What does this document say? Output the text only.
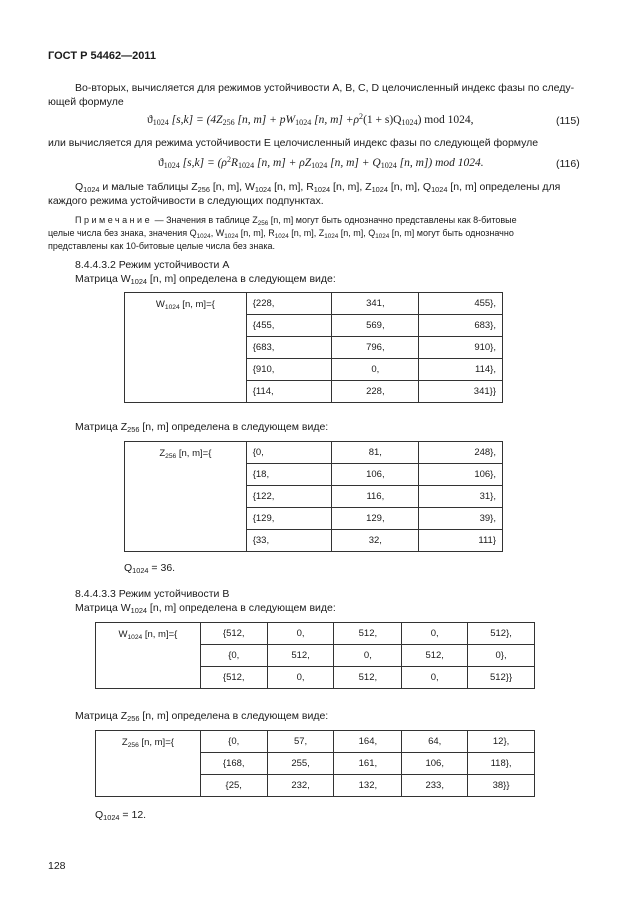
ГОСТ Р 54462—2011
Во-вторых, вычисляется для режимов устойчивости A, B, C, D целочисленный индекс фазы по следу-
ющей формуле
$ϑ_{1024}$ $[s,k] = (4Z_{256}$ [n, $m] + pW_{1024}$ [n, $m] +\rho^2(1 + s)Q_{1024}$) mod 1024,	(115)
или вычисляется для режима устойчивости E целочисленный индекс фазы по следующей формуле
$ϑ_{1024}$ $[s,k] = (\rho^2R_{1024}$ [n, $m] + \rho Z_{1024}$ [n, $m] + Q_{1024}$ [n, m]) mod 1024.	(116)
$Q_{1024}$ и малые таблицы $Z_{256}$ [n, m], $W_{1024}$ [n, m], $R_{1024}$ [n, m], $Z_{1024}$ [n, m], $Q_{1024}$ [n, m] определены для
каждого режима устойчивости в следующих подпунктах.
Примечание — Значения в таблице $Z_{256}$ [n, m] могут быть однозначно представлены как 8-битовые
целые числа без знака, значения $Q_{1024}$, $W_{1024}$ [n, m], $R_{1024}$ [n, m], $Z_{1024}$ [n, m], $Q_{1024}$ [n, m] могут быть однозначно
представлены как 10-битовые целые числа без знака.
8.4.4.3.2 Режим устойчивости A
Матрица $W_{1024}$ [n, m] определена в следующем виде:
$W_{1024}$ [n, m]={	{228,	341,	455},
	{455,	569,	683},
	{683,	796,	910},
	{910,	0,	114},
	{114,	228,	341}}
Матрица $Z_{256}$ [n, m] определена в следующем виде:
$Z_{256}$ [n, m]={	{0,	81,	248},
	{18,	106,	106},
	{122,	116,	31},
	{129,	129,	39},
	{33,	32,	111}
$Q_{1024} = 36$.
8.4.4.3.3 Режим устойчивости B
Матрица $W_{1024}$ [n, m] определена в следующем виде:
$W_{1024}$ [n, m]={	{512,	0,	512,	0,	512},
	{0,	512,	0,	512,	0},
	{512,	0,	512,	0,	512}}
Матрица $Z_{256}$ [n, m] определена в следующем виде:
$Z_{256}$ [n, m]={	{0,	57,	164,	64,	12},
	{168,	255,	161,	106,	118},
	{25,	232,	132,	233,	38}}
$Q_{1024} = 12$.
128
